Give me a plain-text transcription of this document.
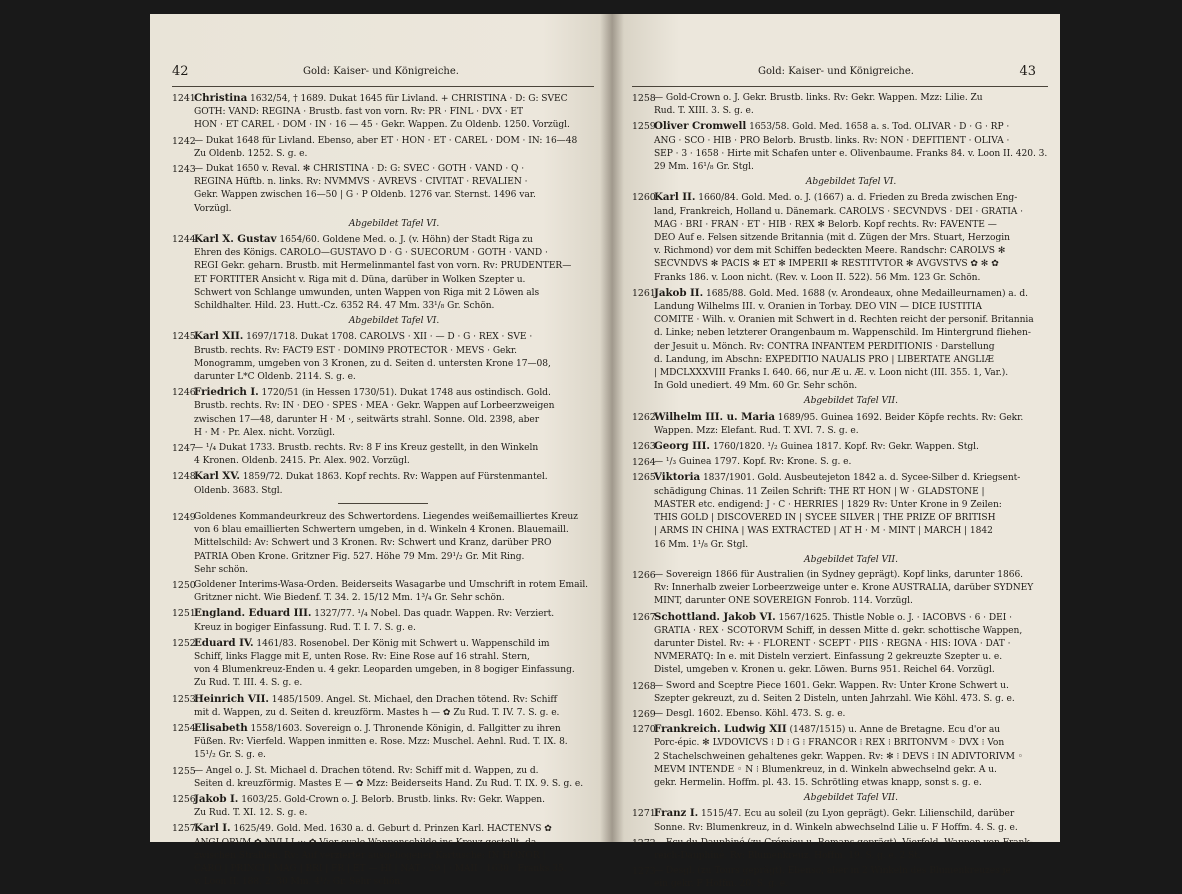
42	Gold: Kaiser- und Königreiche.
1241
Christina 1632/54, † 1689. Dukat 1645 für Livland. + CHRISTINA · D: G: SVEC
GOTH: VAND: REGINA · Brustb. fast von vorn. Rv: PR · FINL · DVX · ET
HON · ET CAREL · DOM · IN · 16 — 45 · Gekr. Wappen. Zu Oldenb. 1250. Vorzügl.
1242
— Dukat 1648 für Livland. Ebenso, aber ET · HON · ET · CAREL · DOM · IN: 16—48
Zu Oldenb. 1252. S. g. e.
1243
— Dukat 1650 v. Reval. ✻ CHRISTINA · D: G: SVEC · GOTH · VAND · Q ·
REGINA Hüftb. n. links. Rv: NVMMVS · AVREVS · CIVITAT · REVALIEN ·
Gekr. Wappen zwischen 16—50 | G · P Oldenb. 1276 var. Sternst. 1496 var.
Vorzügl.
Abgebildet Tafel VI.
1244
Karl X. Gustav 1654/60. Goldene Med. o. J. (v. Höhn) der Stadt Riga zu
Ehren des Königs. CAROLO—GUSTAVO D · G · SUECORUM · GOTH · VAND ·
REGI Gekr. geharn. Brustb. mit Hermelinmantel fast von vorn. Rv: PRUDENTER—
ET FORTITER Ansicht v. Riga mit d. Düna, darüber in Wolken Szepter u.
Schwert von Schlange umwunden, unten Wappen von Riga mit 2 Löwen als
Schildhalter. Hild. 23. Hutt.-Cz. 6352 R4. 47 Mm. 33¹/₈ Gr. Schön.
Abgebildet Tafel VI.
1245
Karl XII. 1697/1718. Dukat 1708. CAROLVS · XII · — D · G · REX · SVE ·
Brustb. rechts. Rv: FACT9 EST · DOMIN9 PROTECTOR · MEVS · Gekr.
Monogramm, umgeben von 3 Kronen, zu d. Seiten d. untersten Krone 17—08,
darunter L*C Oldenb. 2114. S. g. e.
1246
Friedrich I. 1720/51 (in Hessen 1730/51). Dukat 1748 aus ostindisch. Gold.
Brustb. rechts. Rv: IN · DEO · SPES · MEA · Gekr. Wappen auf Lorbeerzweigen
zwischen 17—48, darunter H · M ·, seitwärts strahl. Sonne. Old. 2398, aber
H · M · Pr. Alex. nicht. Vorzügl.
1247
— ¹/₄ Dukat 1733. Brustb. rechts. Rv: 8 F ins Kreuz gestellt, in den Winkeln
4 Kronen. Oldenb. 2415. Pr. Alex. 902. Vorzügl.
1248
Karl XV. 1859/72. Dukat 1863. Kopf rechts. Rv: Wappen auf Fürstenmantel.
Oldenb. 3683. Stgl.
1249
Goldenes Kommandeurkreuz des Schwertordens. Liegendes weißemailliertes Kreuz
von 6 blau emaillierten Schwertern umgeben, in d. Winkeln 4 Kronen. Blauemaill.
Mittelschild: Av: Schwert und 3 Kronen. Rv: Schwert und Kranz, darüber PRO
PATRIA Oben Krone. Gritzner Fig. 527. Höhe 79 Mm. 29¹/₂ Gr. Mit Ring.
Sehr schön.
1250
Goldener Interims-Wasa-Orden. Beiderseits Wasagarbe und Umschrift in rotem Email.
Gritzner nicht. Wie Biedenf. T. 34. 2. 15/12 Mm. 1³/₄ Gr. Sehr schön.
1251
England. Eduard III. 1327/77. ¹/₄ Nobel. Das quadr. Wappen. Rv: Verziert.
Kreuz in bogiger Einfassung. Rud. T. I. 7. S. g. e.
1252
Eduard IV. 1461/83. Rosenobel. Der König mit Schwert u. Wappenschild im
Schiff, links Flagge mit E, unten Rose. Rv: Eine Rose auf 16 strahl. Stern,
von 4 Blumenkreuz-Enden u. 4 gekr. Leoparden umgeben, in 8 bogiger Einfassung.
Zu Rud. T. III. 4. S. g. e.
1253
Heinrich VII. 1485/1509. Angel. St. Michael, den Drachen tötend. Rv: Schiff
mit d. Wappen, zu d. Seiten d. kreuzförm. Mastes h — ✿ Zu Rud. T. IV. 7. S. g. e.
1254
Elisabeth 1558/1603. Sovereign o. J. Thronende Königin, d. Fallgitter zu ihren
Füßen. Rv: Vierfeld. Wappen inmitten e. Rose. Mzz: Muschel. Aehnl. Rud. T. IX. 8.
15¹/₂ Gr. S. g. e.
1255
— Angel o. J. St. Michael d. Drachen tötend. Rv: Schiff mit d. Wappen, zu d.
Seiten d. kreuzförmig. Mastes E — ✿ Mzz: Beiderseits Hand. Zu Rud. T. IX. 9. S. g. e.
1256
Jakob I. 1603/25. Gold-Crown o. J. Belorb. Brustb. links. Rv: Gekr. Wappen.
Zu Rud. T. XI. 12. S. g. e.
1257
Karl I. 1625/49. Gold. Med. 1630 a. d. Geburt d. Prinzen Karl. HACTENVS ✿
ANGLORVM ✿ NVLLI ·:· ✿ Vier ovale Wappenschilde ins Kreuz gestellt, da
zwischen Strahlen. Rv: Auf verzierter ausgebogener Kartusche: IN HONOR |
CARO | PRINCI | MAG | BRI | FR | ET — HI | NAT · 29 | · MAII · 1630 · Franks 35.
v. Loon II. 188. 2. 30 Mm. 4¹/₂ Gr. Sehr schön.
Gold: Kaiser- und Königreiche.	43
1258
— Gold-Crown o. J. Gekr. Brustb. links. Rv: Gekr. Wappen. Mzz: Lilie. Zu
Rud. T. XIII. 3. S. g. e.
1259
Oliver Cromwell 1653/58. Gold. Med. 1658 a. s. Tod. OLIVAR · D · G · RP ·
ANG · SCO · HIB · PRO Belorb. Brustb. links. Rv: NON · DEFITIENT · OLIVA ·
SEP · 3 · 1658 · Hirte mit Schafen unter e. Olivenbaume. Franks 84. v. Loon II. 420. 3.
29 Mm. 16¹/₈ Gr. Stgl.
Abgebildet Tafel VI.
1260
Karl II. 1660/84. Gold. Med. o. J. (1667) a. d. Frieden zu Breda zwischen Eng-
land, Frankreich, Holland u. Dänemark. CAROLVS · SECVNDVS · DEI · GRATIA ·
MAG · BRI · FRAN · ET · HIB · REX ✻ Belorb. Kopf rechts. Rv: FAVENTE —
DEO Auf e. Felsen sitzende Britannia (mit d. Zügen der Mrs. Stuart, Herzogin
v. Richmond) vor dem mit Schiffen bedeckten Meere. Randschr: CAROLVS ✻
SECVNDVS ✻ PACIS ✻ ET ✻ IMPERII ✻ RESTITVTOR ✻ AVGVSTVS ✿ ✻ ✿
Franks 186. v. Loon nicht. (Rev. v. Loon II. 522). 56 Mm. 123 Gr. Schön.
1261
Jakob II. 1685/88. Gold. Med. 1688 (v. Arondeaux, ohne Medailleurnamen) a. d.
Landung Wilhelms III. v. Oranien in Torbay. DEO VIN — DICE IUSTITIA
COMITE · Wilh. v. Oranien mit Schwert in d. Rechten reicht der personif. Britannia
d. Linke; neben letzterer Orangenbaum m. Wappenschild. Im Hintergrund fliehen-
der Jesuit u. Mönch. Rv: CONTRA INFANTEM PERDITIONIS · Darstellung
d. Landung, im Abschn: EXPEDITIO NAUALIS PRO | LIBERTATE ANGLIÆ
| MDCLXXXVIII Franks I. 640. 66, nur Æ u. Æ. v. Loon nicht (III. 355. 1, Var.).
In Gold unediert. 49 Mm. 60 Gr. Sehr schön.
Abgebildet Tafel VII.
1262
Wilhelm III. u. Maria 1689/95. Guinea 1692. Beider Köpfe rechts. Rv: Gekr.
Wappen. Mzz: Elefant. Rud. T. XVI. 7. S. g. e.
1263
Georg III. 1760/1820. ¹/₂ Guinea 1817. Kopf. Rv: Gekr. Wappen. Stgl.
1264
— ¹/₃ Guinea 1797. Kopf. Rv: Krone. S. g. e.
1265
Viktoria 1837/1901. Gold. Ausbeutejeton 1842 a. d. Sycee-Silber d. Kriegsent-
schädigung Chinas. 11 Zeilen Schrift: THE RT HON | W · GLADSTONE |
MASTER etc. endigend: J · C · HERRIES | 1829 Rv: Unter Krone in 9 Zeilen:
THIS GOLD | DISCOVERED IN | SYCEE SILVER | THE PRIZE OF BRITISH
| ARMS IN CHINA | WAS EXTRACTED | AT H · M · MINT | MARCH | 1842
16 Mm. 1¹/₈ Gr. Stgl.
Abgebildet Tafel VII.
1266
— Sovereign 1866 für Australien (in Sydney geprägt). Kopf links, darunter 1866.
Rv: Innerhalb zweier Lorbeerzweige unter e. Krone AUSTRALIA, darüber SYDNEY
MINT, darunter ONE SOVEREIGN Fonrob. 114. Vorzügl.
1267
Schottland. Jakob VI. 1567/1625. Thistle Noble o. J. · IACOBVS · 6 · DEI ·
GRATIA · REX · SCOTORVM Schiff, in dessen Mitte d. gekr. schottische Wappen,
darunter Distel. Rv: + · FLORENT · SCEPT · PIIS · REGNA · HIS: IOVA · DAT ·
NVMERATQ: In e. mit Disteln verziert. Einfassung 2 gekreuzte Szepter u. e.
Distel, umgeben v. Kronen u. gekr. Löwen. Burns 951. Reichel 64. Vorzügl.
1268
— Sword and Sceptre Piece 1601. Gekr. Wappen. Rv: Unter Krone Schwert u.
Szepter gekreuzt, zu d. Seiten 2 Disteln, unten Jahrzahl. Wie Köhl. 473. S. g. e.
1269
— Desgl. 1602. Ebenso. Köhl. 473. S. g. e.
1270
Frankreich. Ludwig XII (1487/1515) u. Anne de Bretagne. Ecu d'or au
Porc-épic. ✻ LVDOVICVS ⁝ D ⁝ G ⁝ FRANCOR ⁝ REX ⁝ BRITONVM ◦ DVX ⁝ Von
2 Stachelschweinen gehaltenes gekr. Wappen. Rv: ✻ ⁝ DEVS ⁝ IN ADIVTORIVM ◦
MEVM INTENDE ◦ N ⁝ Blumenkreuz, in d. Winkeln abwechselnd gekr. A u.
gekr. Hermelin. Hoffm. pl. 43. 15. Schrötling etwas knapp, sonst s. g. e.
Abgebildet Tafel VII.
1271
Franz I. 1515/47. Ecu au soleil (zu Lyon geprägt). Gekr. Lilienschild, darüber
Sonne. Rv: Blumenkreuz, in d. Winkeln abwechselnd Lilie u. F Hoffm. 4. S. g. e.
1272
— Ecu du Dauphiné (zu Crémieu u. Romans geprägt). Vierfeld. Wappen von Frank-
reich-Dauphiné. Rv: Blumenkreuz. Hoffm. 19. S. g. e. 2 St.
1273
— Desgl. (zu Tours geprägt). Ebenso, aber in 2 Winkeln des Blumenkreuzes je
ein gekr. F Hoffm. 20. S. g. e.
